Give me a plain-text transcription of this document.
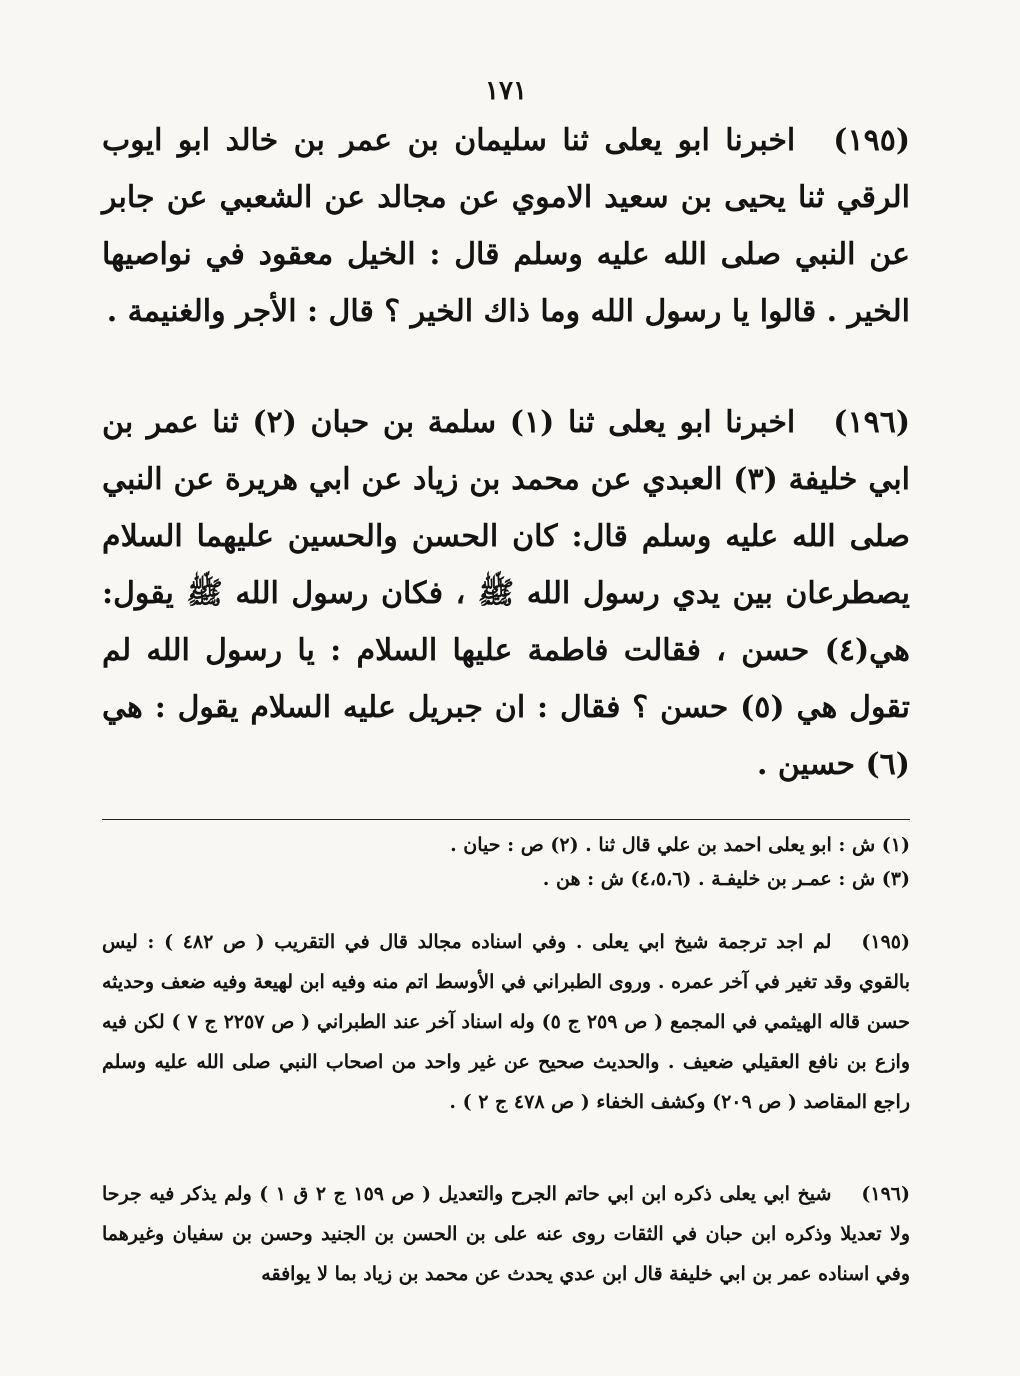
١٧١

(١٩٥)اخبرنا ابو يعلى ثنا سليمان بن عمر بن خالد ابو ايوب الرقي ثنا يحيى بن سعيد الاموي عن مجالد عن الشعبي عن جابر عن النبي صلى الله عليه وسلم قال : الخيل معقود في نواصيها الخير . قالوا يا رسول الله وما ذاك الخير ؟ قال : الأجر والغنيمة .

(١٩٦)اخبرنا ابو يعلى ثنا (١) سلمة بن حبان (٢) ثنا عمر بن ابي خليفة (٣) العبدي عن محمد بن زياد عن ابي هريرة عن النبي صلى الله عليه وسلم قال: كان الحسن والحسين عليهما السلام يصطرعان بين يدي رسول الله ﷺ ، فكان رسول الله ﷺ يقول: هي(٤) حسن ، فقالت فاطمة عليها السلام : يا رسول الله لم تقول هي (٥) حسن ؟ فقال : ان جبريل عليه السلام يقول : هي (٦) حسين .

(١) ش : ابو يعلى احمد بن علي قال ثنا . (٢) ص : حيان .
(٣) ش : عمـر بن خليفـة . (٤،٥،٦) ش : هن .

(١٩٥)لم اجد ترجمة شيخ ابي يعلى . وفي اسناده مجالد قال في التقريب ( ص ٤٨٢ ) : ليس بالقوي وقد تغير في آخر عمره . وروى الطبراني في الأوسط اتم منه وفيه ابن لهيعة وفيه ضعف وحديثه حسن قاله الهيثمي في المجمع ( ص ٢٥٩ ج ٥) وله اسناد آخر عند الطبراني ( ص ٢٢٥٧ ج ٧ ) لكن فيه وازع بن نافع العقيلي ضعيف . والحديث صحيح عن غير واحد من اصحاب النبي صلى الله عليه وسلم راجع المقاصد ( ص ٢٠٩) وكشف الخفاء ( ص ٤٧٨ ج ٢ ) .

(١٩٦)شيخ ابي يعلى ذكره ابن ابي حاتم الجرح والتعديل ( ص ١٥٩ ج ٢ ق ١ ) ولم يذكر فيه جرحا ولا تعديلا وذكره ابن حبان في الثقات روى عنه على بن الحسن بن الجنيد وحسن بن سفيان وغيرهما وفي اسناده عمر بن ابي خليفة قال ابن عدي يحدث عن محمد بن زياد بما لا يوافقه
